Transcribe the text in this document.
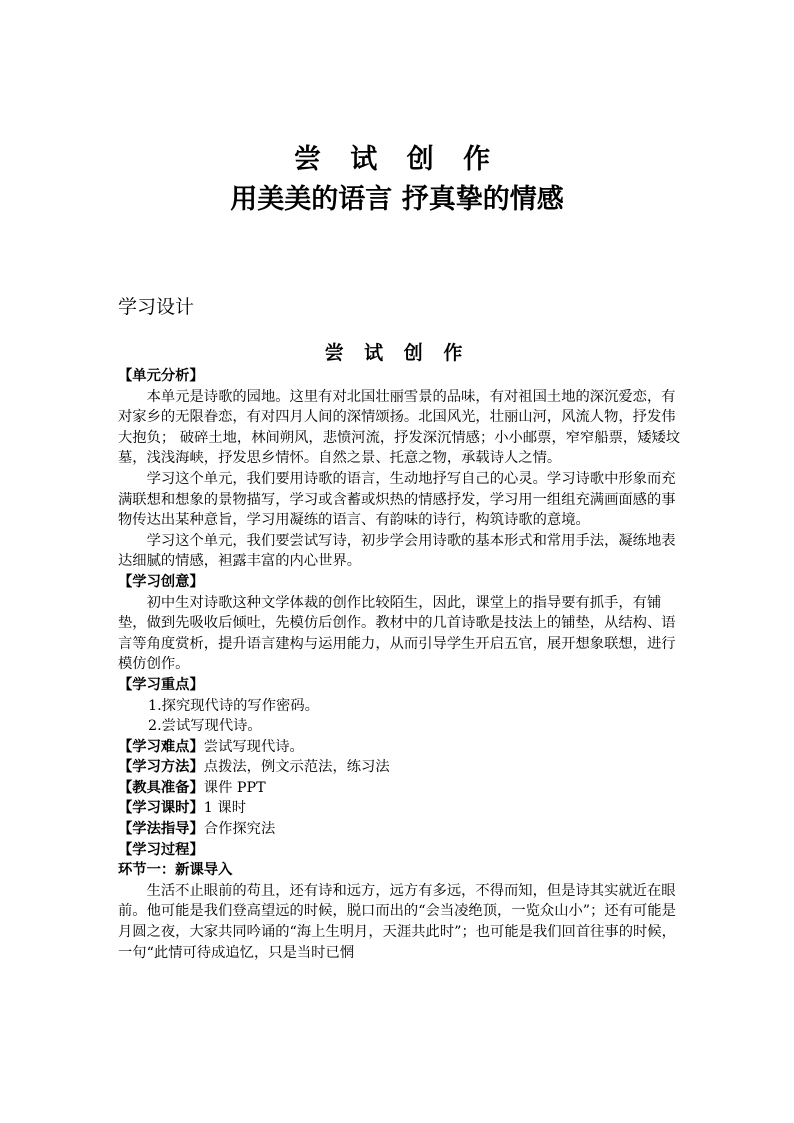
尝 试 创 作
用美美的语言 抒真挚的情感
学习设计
尝 试 创 作

【单元分析】

本单元是诗歌的园地。这里有对北国壮丽雪景的品味，有对祖国土地的深沉爱恋，有对家乡的无限眷恋，有对四月人间的深情颂扬。北国风光，壮丽山河，风流人物，抒发伟大抱负； 破碎土地，林间朔风，悲愤河流，抒发深沉情感；小小邮票，窄窄船票，矮矮坟墓，浅浅海峡，抒发思乡情怀。自然之景、托意之物，承载诗人之情。

学习这个单元，我们要用诗歌的语言，生动地抒写自己的心灵。学习诗歌中形象而充满联想和想象的景物描写，学习或含蓄或炽热的情感抒发，学习用一组组充满画面感的事物传达出某种意旨，学习用凝练的语言、有韵味的诗行，构筑诗歌的意境。

学习这个单元，我们要尝试写诗，初步学会用诗歌的基本形式和常用手法，凝练地表达细腻的情感，袒露丰富的内心世界。

【学习创意】

初中生对诗歌这种文学体裁的创作比较陌生，因此，课堂上的指导要有抓手，有铺垫，做到先吸收后倾吐，先模仿后创作。教材中的几首诗歌是技法上的铺垫，从结构、语言等角度赏析，提升语言建构与运用能力，从而引导学生开启五官，展开想象联想，进行模仿创作。

【学习重点】

1.探究现代诗的写作密码。

2.尝试写现代诗。

【学习难点】尝试写现代诗。

【学习方法】点拨法，例文示范法，练习法

【教具准备】课件 PPT

【学习课时】1 课时

【学法指导】合作探究法

【学习过程】

环节一：新课导入

生活不止眼前的苟且，还有诗和远方，远方有多远，不得而知，但是诗其实就近在眼前。他可能是我们登高望远的时候，脱口而出的“会当凌绝顶，一览众山小”；还有可能是月圆之夜，大家共同吟诵的“海上生明月，天涯共此时”；也可能是我们回首往事的时候，一句“此情可待成追忆，只是当时已惘
